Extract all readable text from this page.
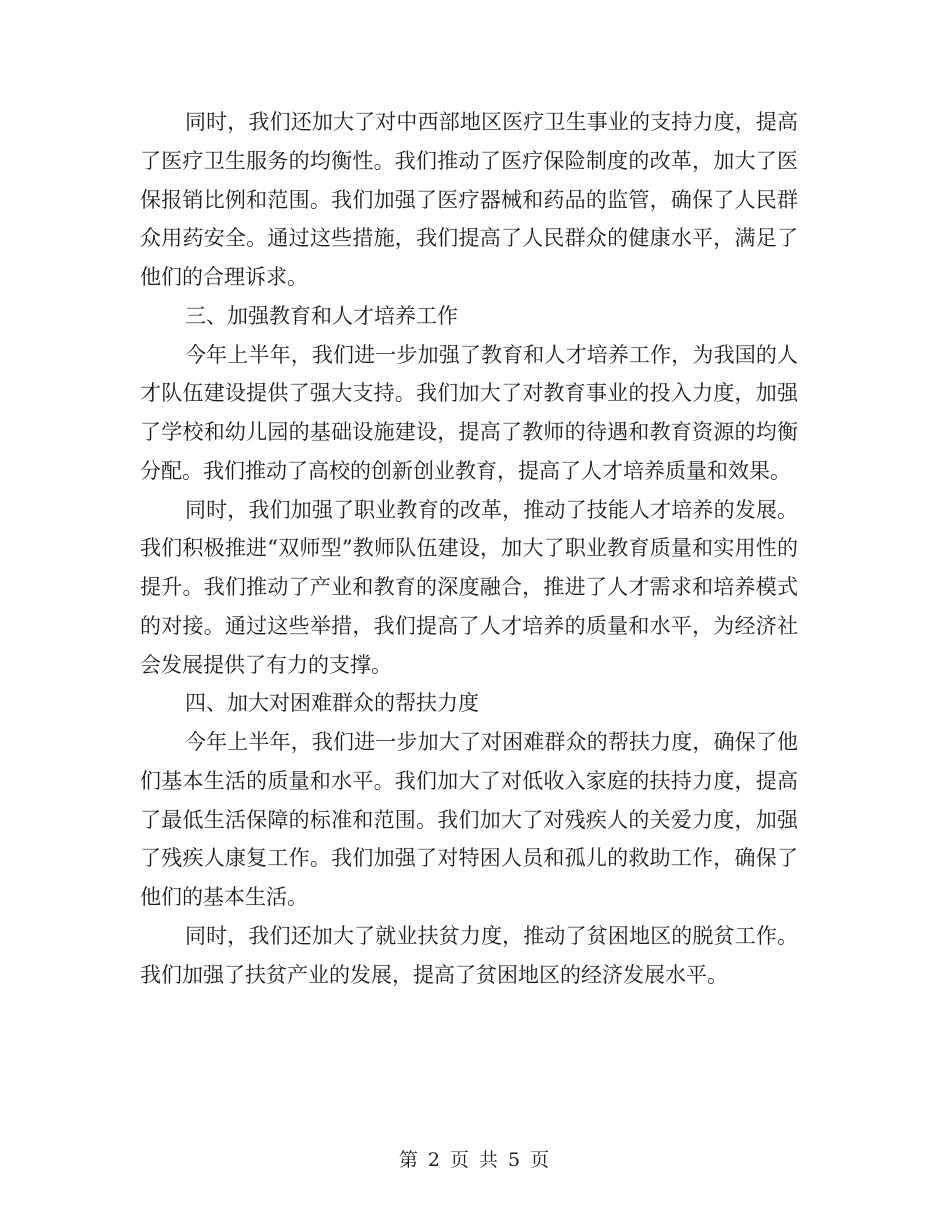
同时，我们还加大了对中西部地区医疗卫生事业的支持力度，提高了医疗卫生服务的均衡性。我们推动了医疗保险制度的改革，加大了医保报销比例和范围。我们加强了医疗器械和药品的监管，确保了人民群众用药安全。通过这些措施，我们提高了人民群众的健康水平，满足了他们的合理诉求。

三、加强教育和人才培养工作

今年上半年，我们进一步加强了教育和人才培养工作，为我国的人才队伍建设提供了强大支持。我们加大了对教育事业的投入力度，加强了学校和幼儿园的基础设施建设，提高了教师的待遇和教育资源的均衡分配。我们推动了高校的创新创业教育，提高了人才培养质量和效果。

同时，我们加强了职业教育的改革，推动了技能人才培养的发展。我们积极推进“双师型”教师队伍建设，加大了职业教育质量和实用性的提升。我们推动了产业和教育的深度融合，推进了人才需求和培养模式的对接。通过这些举措，我们提高了人才培养的质量和水平，为经济社会发展提供了有力的支撑。

四、加大对困难群众的帮扶力度

今年上半年，我们进一步加大了对困难群众的帮扶力度，确保了他们基本生活的质量和水平。我们加大了对低收入家庭的扶持力度，提高了最低生活保障的标准和范围。我们加大了对残疾人的关爱力度，加强了残疾人康复工作。我们加强了对特困人员和孤儿的救助工作，确保了他们的基本生活。

同时，我们还加大了就业扶贫力度，推动了贫困地区的脱贫工作。我们加强了扶贫产业的发展，提高了贫困地区的经济发展水平。

第 2 页 共 5 页
